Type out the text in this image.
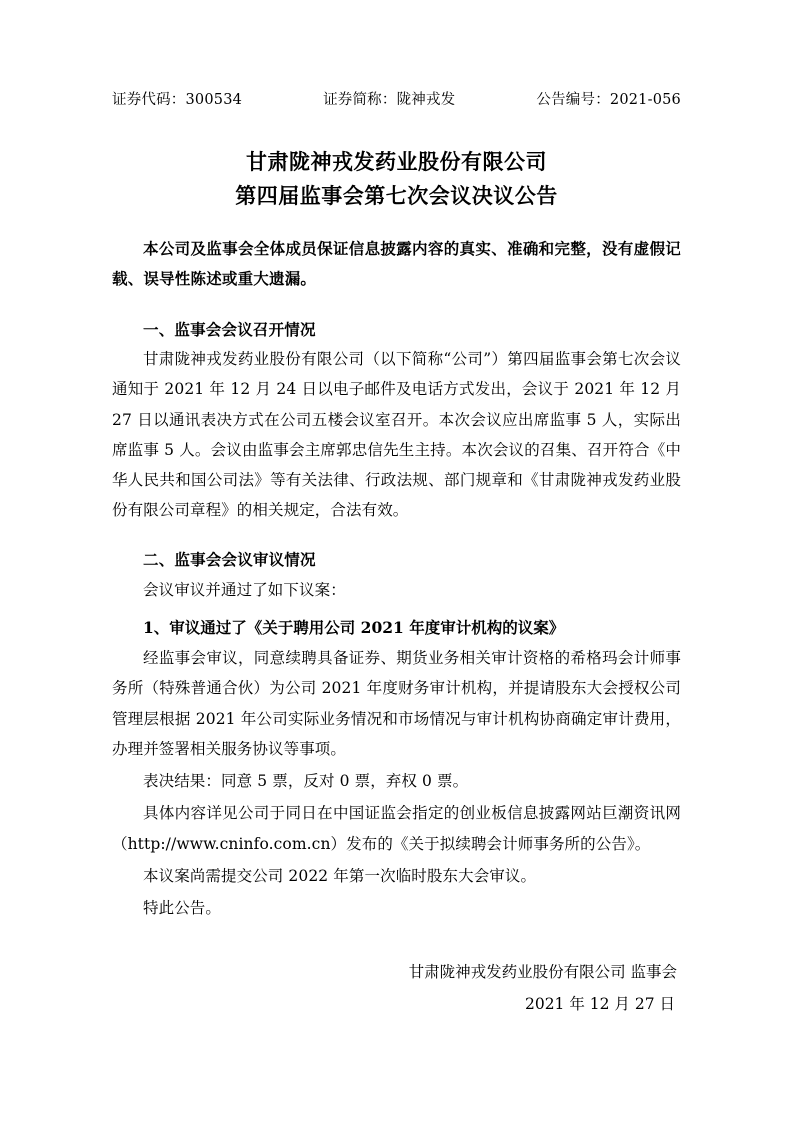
证券代码：300534	证券简称：陇神戎发	公告编号：2021-056
甘肃陇神戎发药业股份有限公司
第四届监事会第七次会议决议公告
本公司及监事会全体成员保证信息披露内容的真实、准确和完整，没有虚假记载、误导性陈述或重大遗漏。
一、监事会会议召开情况

甘肃陇神戎发药业股份有限公司（以下简称“公司”）第四届监事会第七次会议通知于 2021 年 12 月 24 日以电子邮件及电话方式发出，会议于 2021 年 12 月 27 日以通讯表决方式在公司五楼会议室召开。本次会议应出席监事 5 人，实际出席监事 5 人。会议由监事会主席郭忠信先生主持。本次会议的召集、召开符合《中华人民共和国公司法》等有关法律、行政法规、部门规章和《甘肃陇神戎发药业股份有限公司章程》的相关规定，合法有效。

二、监事会会议审议情况

会议审议并通过了如下议案：

1、审议通过了《关于聘用公司 2021 年度审计机构的议案》

经监事会审议，同意续聘具备证券、期货业务相关审计资格的希格玛会计师事务所（特殊普通合伙）为公司 2021 年度财务审计机构，并提请股东大会授权公司管理层根据 2021 年公司实际业务情况和市场情况与审计机构协商确定审计费用，办理并签署相关服务协议等事项。

表决结果：同意 5 票，反对 0 票，弃权 0 票。

具体内容详见公司于同日在中国证监会指定的创业板信息披露网站巨潮资讯网（http://www.cninfo.com.cn）发布的《关于拟续聘会计师事务所的公告》。

本议案尚需提交公司 2022 年第一次临时股东大会审议。

特此公告。

甘肃陇神戎发药业股份有限公司 监事会
2021 年 12 月 27 日
